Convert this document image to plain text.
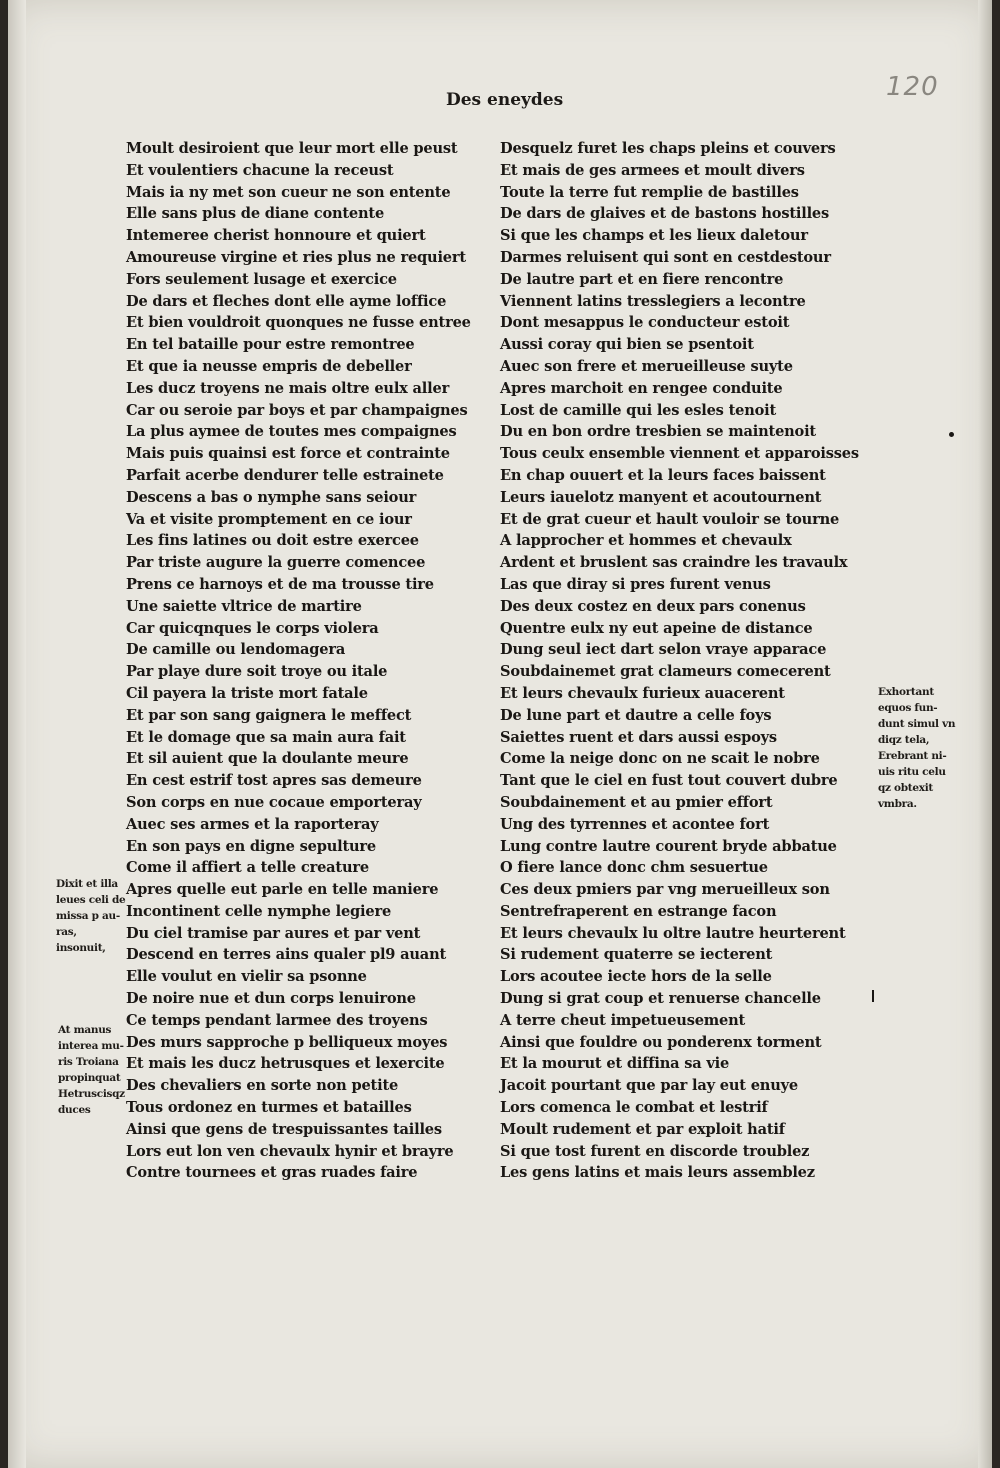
120
Des eneydes
Moult desiroient que leur mort elle peust
Et voulentiers chacune la receust
Mais ia ny met son cueur ne son entente
Elle sans plus de diane contente
Intemeree cherist honnoure et quiert
Amoureuse virgine et ries plus ne requiert
Fors seulement lusage et exercice
De dars et fleches dont elle ayme loffice
Et bien vouldroit quonques ne fusse entree
En tel bataille pour estre remontree
Et que ia neusse empris de debeller
Les ducz troyens ne mais oltre eulx aller
Car ou seroie par boys et par champaignes
La plus aymee de toutes mes compaignes
Mais puis quainsi est force et contrainte
Parfait acerbe dendurer telle estrainete
Descens a bas o nymphe sans seiour
Va et visite promptement en ce iour
Les fins latines ou doit estre exercee
Par triste augure la guerre comencee
Prens ce harnoys et de ma trousse tire
Une saiette vltrice de martire
Car quicqnques le corps violera
De camille ou lendomagera
Par playe dure soit troye ou itale
Cil payera la triste mort fatale
Et par son sang gaignera le meffect
Et le domage que sa main aura fait
Et sil auient que la doulante meure
En cest estrif tost apres sas demeure
Son corps en nue cocaue emporteray
Auec ses armes et la raporteray
En son pays en digne sepulture
Come il affiert a telle creature
Apres quelle eut parle en telle maniere
Incontinent celle nymphe legiere
Du ciel tramise par aures et par vent
Descend en terres ains qualer pl9 auant
Elle voulut en vielir sa psonne
De noire nue et dun corps lenuirone
Ce temps pendant larmee des troyens
Des murs sapproche p belliqueux moyes
Et mais les ducz hetrusques et lexercite
Des chevaliers en sorte non petite
Tous ordonez en turmes et batailles
Ainsi que gens de trespuissantes tailles
Lors eut lon ven chevaulx hynir et brayre
Contre tournees et gras ruades faire
Desquelz furet les chaps pleins et couvers
Et mais de ges armees et moult divers
Toute la terre fut remplie de bastilles
De dars de glaives et de bastons hostilles
Si que les champs et les lieux daletour
Darmes reluisent qui sont en cestdestour
De lautre part et en fiere rencontre
Viennent latins tresslegiers a lecontre
Dont mesappus le conducteur estoit
Aussi coray qui bien se psentoit
Auec son frere et merueilleuse suyte
Apres marchoit en rengee conduite
Lost de camille qui les esles tenoit
Du en bon ordre tresbien se maintenoit
Tous ceulx ensemble viennent et apparoisses
En chap ouuert et la leurs faces baissent
Leurs iauelotz manyent et acoutournent
Et de grat cueur et hault vouloir se tourne
A lapprocher et hommes et chevaulx
Ardent et bruslent sas craindre les travaulx
Las que diray si pres furent venus
Des deux costez en deux pars conenus
Quentre eulx ny eut apeine de distance
Dung seul iect dart selon vraye apparace
Soubdainemet grat clameurs comecerent
Et leurs chevaulx furieux auacerent
De lune part et dautre a celle foys
Saiettes ruent et dars aussi espoys
Come la neige donc on ne scait le nobre
Tant que le ciel en fust tout couvert dubre
Soubdainement et au pmier effort
Ung des tyrrennes et acontee fort
Lung contre lautre courent bryde abbatue
O fiere lance donc chm sesuertue
Ces deux pmiers par vng merueilleux son
Sentrefraperent en estrange facon
Et leurs chevaulx lu oltre lautre heurterent
Si rudement quaterre se iecterent
Lors acoutee iecte hors de la selle
Dung si grat coup et renuerse chancelle
A terre cheut impetueusement
Ainsi que fouldre ou ponderenx torment
Et la mourut et diffina sa vie
Jacoit pourtant que par lay eut enuye
Lors comenca le combat et lestrif
Moult rudement et par exploit hatif
Si que tost furent en discorde troublez
Les gens latins et mais leurs assemblez
Dixit et illa
leues celi de
missa p au-
ras,
insonuit,
At manus
interea mu-
ris Troiana
propinquat
Hetruscisqz
duces
Exhortant
equos fun-
dunt simul vn
diqz tela,
Erebrant ni-
uis ritu celu
qz obtexit
vmbra.
